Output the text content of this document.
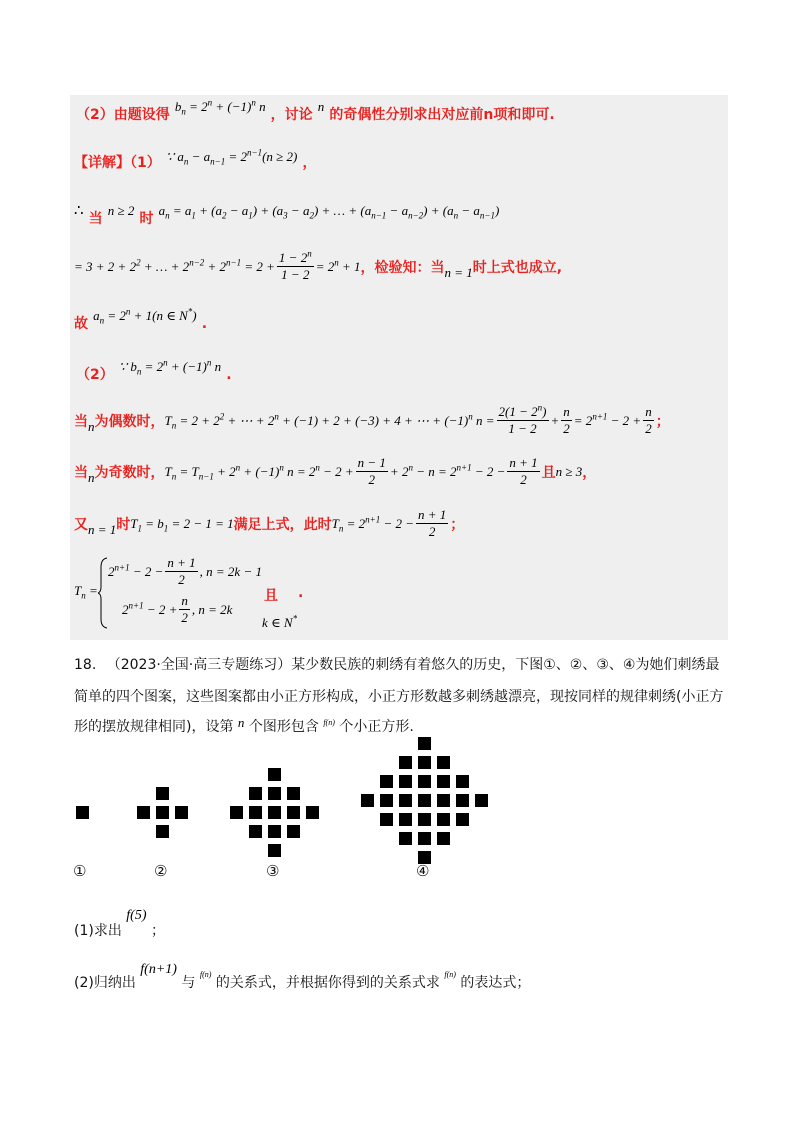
（2）由题设得 $^{b_n = 2^n + (-1)^n n}$ ，讨论 $^n$ 的奇偶性分别求出对应前n项和即可.
【详解】（1） $^{\because a_n - a_{n-1} = 2^{n-1}(n \ge 2)}$ ，
∴ 当 n ≥ 2 时 $a_n = a_1 + (a_2 - a_1) + (a_3 - a_2)$ + … + $(a_{n-1} - a_{n-2}) + (a_n - a_{n-1})$
= $3 + 2 + 2^2$ + … + $2^{n-2} + 2^{n-1} = 2 + \frac{1 - 2^n}{1 - 2} = 2^n + 1$ ，检验知：当 n = 1 时上式也成立,
故 $a_n = 2^n + 1(n$ ∈ N*) .
（2） ∵ $b_n = 2^n + (-1)^n$ n .
当 n 为偶数时， $T_n = 2 + 2^2$ + ⋯ + $2^n + (-1) + 2 + (-3) + 4$ + ⋯ + $(-1)^n$ $n = \frac{2(1 - 2^n)}{1 - 2} + \frac{n}{2} = 2^{n+1} - 2 + \frac{n}{2}$ ；
当 n 为奇数时， $T_n = T_{n-1} + 2^n + (-1)^n$ $n = 2^n - 2 + \frac{n - 1}{2} + 2^n - n = 2^{n+1} - 2 - \frac{n + 1}{2}$ 且 n ≥ 3 ，
又 n = 1 时 $T_1 = b_1 = 2 - 1 = 1$ 满足上式，此时 $T_n = 2^{n+1} - 2 - \frac{n + 1}{2}$ ；
$T_n$ =
$2^{n+1} - 2 - \frac{n + 1}{2}$ , n = 2k − 1
$2^{n+1} - 2 + \frac{n}{2}$ , n = 2k
且
k ∈ N*
.
18. （2023·全国·高三专题练习）某少数民族的刺绣有着悠久的历史，下图①、②、③、④为她们刺绣最
简单的四个图案，这些图案都由小正方形构成，小正方形数越多刺绣越漂亮，现按同样的规律刺绣(小正方
形的摆放规律相同)，设第 n 个图形包含 $^{f(n)}$ 个小正方形.
①	②	③	④
(1)求出 f(5) ；
(2)归纳出 f(n+1) 与 $_{f(n)}$ 的关系式，并根据你得到的关系式求 $_{f(n)}$ 的表达式；
